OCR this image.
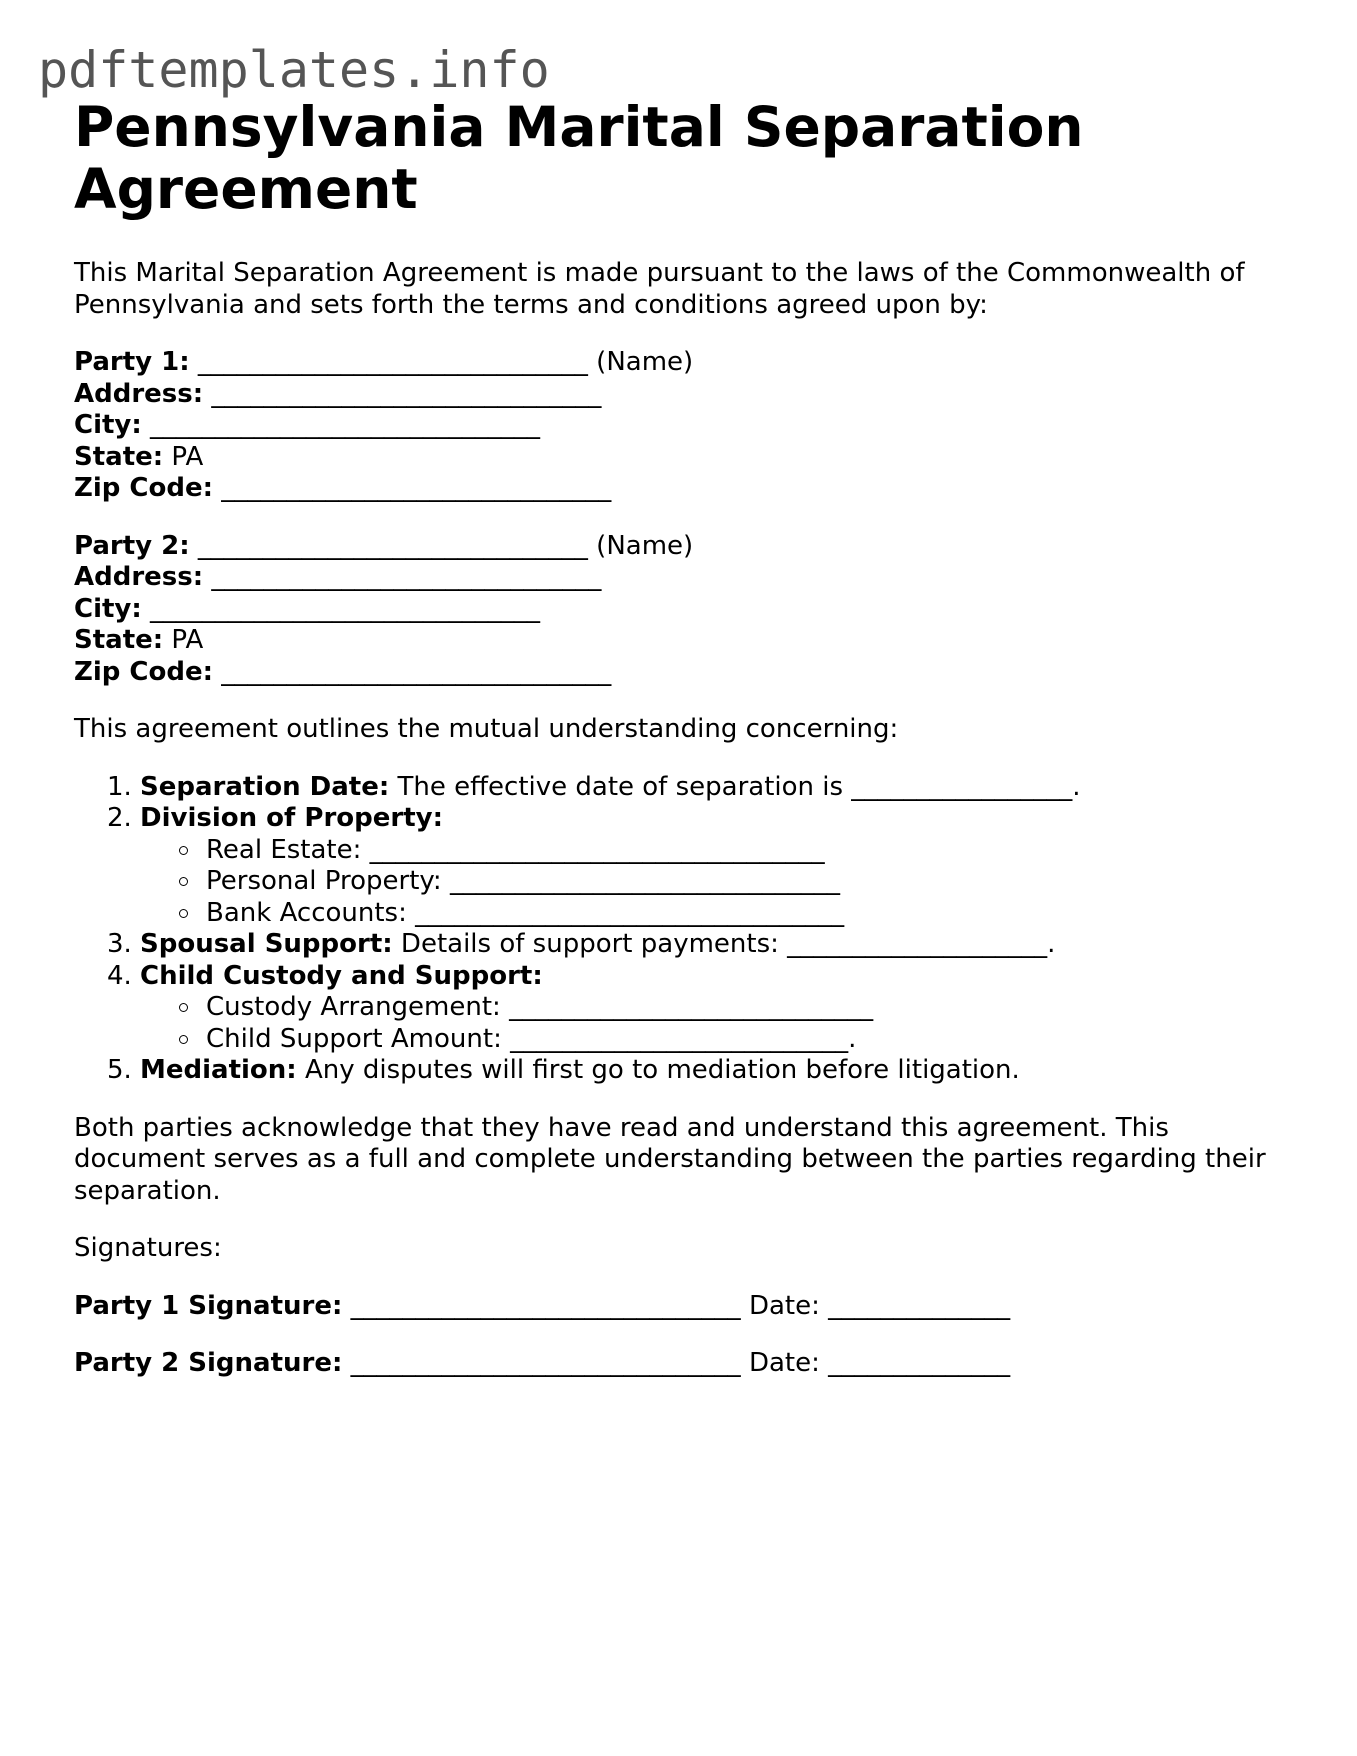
pdftemplates.info
Pennsylvania Marital Separation Agreement

This Marital Separation Agreement is made pursuant to the laws of the Commonwealth of Pennsylvania and sets forth the terms and conditions agreed upon by:

Party 1: ______________________________ (Name)
Address: ______________________________
City: ______________________________
State: PA
Zip Code: ______________________________
Party 2: ______________________________ (Name)
Address: ______________________________
City: ______________________________
State: PA
Zip Code: ______________________________

This agreement outlines the mutual understanding concerning:

1. Separation Date: The effective date of separation is _________________.
2. Division of Property:
Real Estate: ___________________________________
Personal Property: ______________________________
Bank Accounts: _________________________________
3. Spousal Support: Details of support payments: ____________________.
4. Child Custody and Support:
Custody Arrangement: ____________________________
Child Support Amount: __________________________.
5. Mediation: Any disputes will first go to mediation before litigation.

Both parties acknowledge that they have read and understand this agreement. This document serves as a full and complete understanding between the parties regarding their separation.

Signatures:

Party 1 Signature: ______________________________ Date: ______________
Party 2 Signature: ______________________________ Date: ______________
